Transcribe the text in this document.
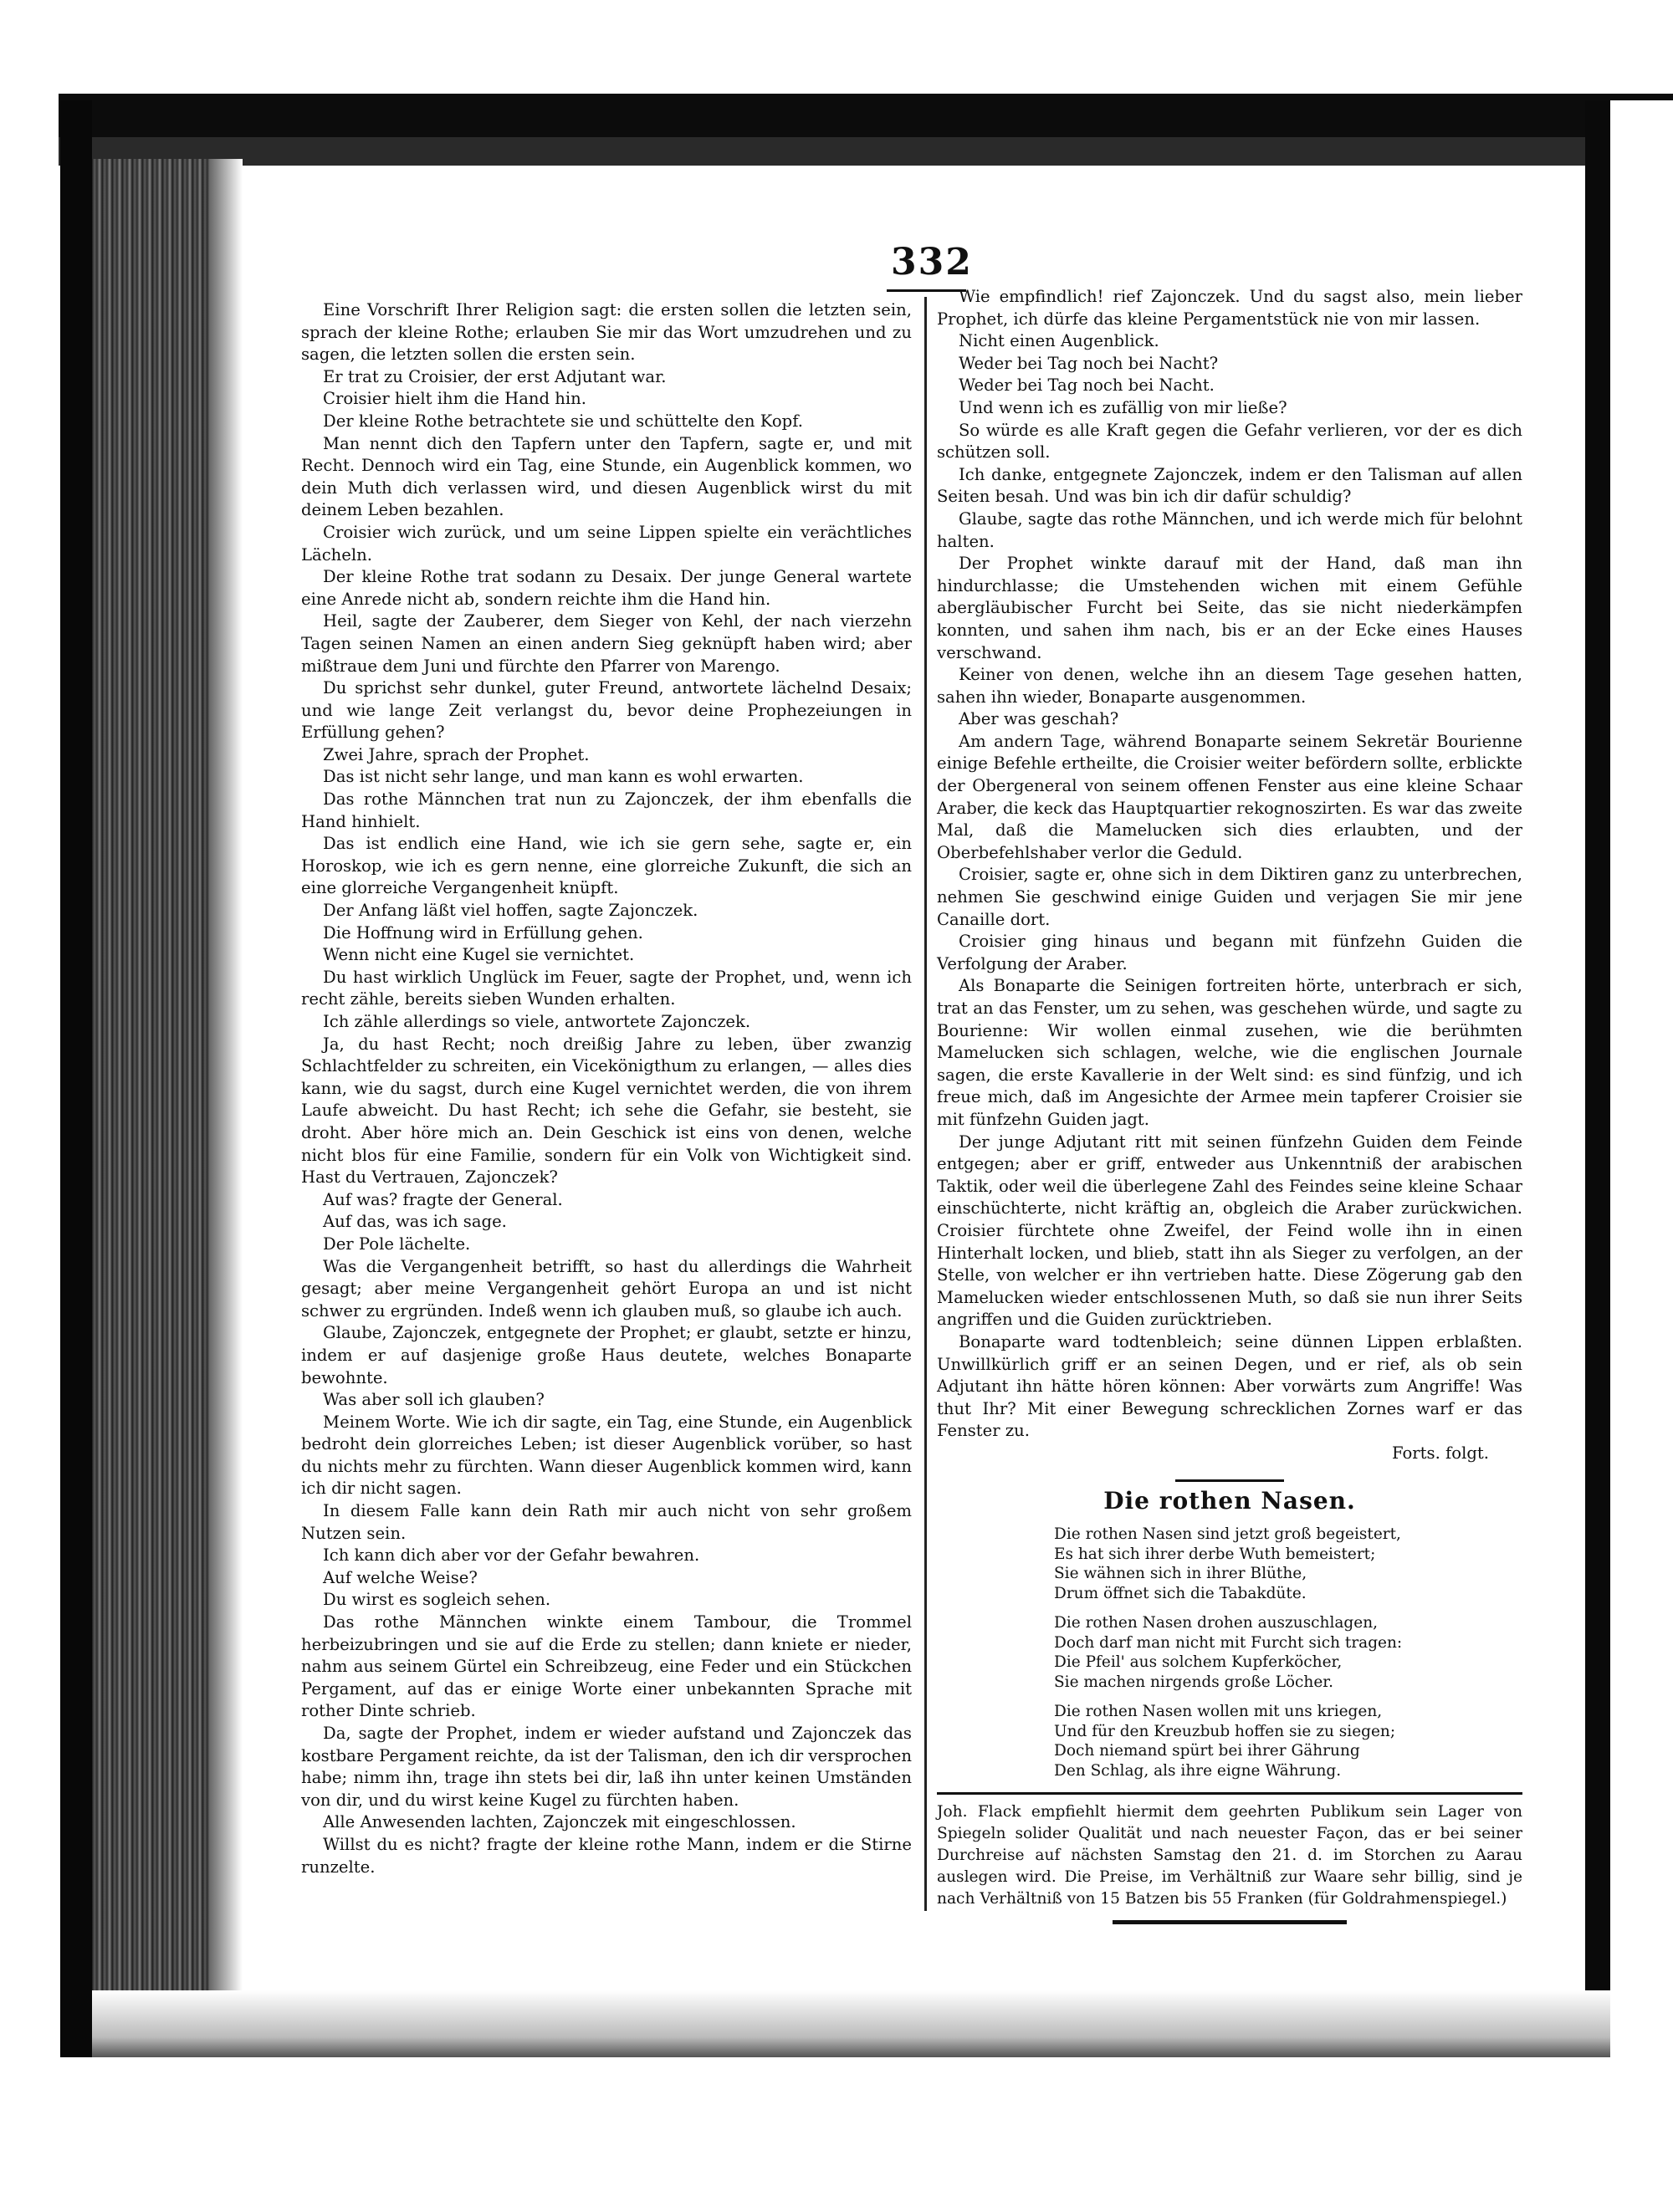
332

Eine Vorschrift Ihrer Religion sagt: die ersten sollen die letzten sein, sprach der kleine Rothe; erlauben Sie mir das Wort umzudrehen und zu sagen, die letzten sollen die ersten sein.

Er trat zu Croisier, der erst Adjutant war.

Croisier hielt ihm die Hand hin.

Der kleine Rothe betrachtete sie und schüttelte den Kopf.

Man nennt dich den Tapfern unter den Tapfern, sagte er, und mit Recht. Dennoch wird ein Tag, eine Stunde, ein Augenblick kommen, wo dein Muth dich verlassen wird, und diesen Augenblick wirst du mit deinem Leben bezahlen.

Croisier wich zurück, und um seine Lippen spielte ein verächtliches Lächeln.

Der kleine Rothe trat sodann zu Desaix. Der junge General wartete eine Anrede nicht ab, sondern reichte ihm die Hand hin.

Heil, sagte der Zauberer, dem Sieger von Kehl, der nach vierzehn Tagen seinen Namen an einen andern Sieg geknüpft haben wird; aber mißtraue dem Juni und fürchte den Pfarrer von Marengo.

Du sprichst sehr dunkel, guter Freund, antwortete lächelnd Desaix; und wie lange Zeit verlangst du, bevor deine Prophezeiungen in Erfüllung gehen?

Zwei Jahre, sprach der Prophet.

Das ist nicht sehr lange, und man kann es wohl erwarten.

Das rothe Männchen trat nun zu Zajonczek, der ihm ebenfalls die Hand hinhielt.

Das ist endlich eine Hand, wie ich sie gern sehe, sagte er, ein Horoskop, wie ich es gern nenne, eine glorreiche Zukunft, die sich an eine glorreiche Vergangenheit knüpft.

Der Anfang läßt viel hoffen, sagte Zajonczek.

Die Hoffnung wird in Erfüllung gehen.

Wenn nicht eine Kugel sie vernichtet.

Du hast wirklich Unglück im Feuer, sagte der Prophet, und, wenn ich recht zähle, bereits sieben Wunden erhalten.

Ich zähle allerdings so viele, antwortete Zajonczek.

Ja, du hast Recht; noch dreißig Jahre zu leben, über zwanzig Schlachtfelder zu schreiten, ein Vicekönigthum zu erlangen, — alles dies kann, wie du sagst, durch eine Kugel vernichtet werden, die von ihrem Laufe abweicht. Du hast Recht; ich sehe die Gefahr, sie besteht, sie droht. Aber höre mich an. Dein Geschick ist eins von denen, welche nicht blos für eine Familie, sondern für ein Volk von Wichtigkeit sind. Hast du Vertrauen, Zajonczek?

Auf was? fragte der General.

Auf das, was ich sage.

Der Pole lächelte.

Was die Vergangenheit betrifft, so hast du allerdings die Wahrheit gesagt; aber meine Vergangenheit gehört Europa an und ist nicht schwer zu ergründen. Indeß wenn ich glauben muß, so glaube ich auch.

Glaube, Zajonczek, entgegnete der Prophet; er glaubt, setzte er hinzu, indem er auf dasjenige große Haus deutete, welches Bonaparte bewohnte.

Was aber soll ich glauben?

Meinem Worte. Wie ich dir sagte, ein Tag, eine Stunde, ein Augenblick bedroht dein glorreiches Leben; ist dieser Augenblick vorüber, so hast du nichts mehr zu fürchten. Wann dieser Augenblick kommen wird, kann ich dir nicht sagen.

In diesem Falle kann dein Rath mir auch nicht von sehr großem Nutzen sein.

Ich kann dich aber vor der Gefahr bewahren.

Auf welche Weise?

Du wirst es sogleich sehen.

Das rothe Männchen winkte einem Tambour, die Trommel herbeizubringen und sie auf die Erde zu stellen; dann kniete er nieder, nahm aus seinem Gürtel ein Schreibzeug, eine Feder und ein Stückchen Pergament, auf das er einige Worte einer unbekannten Sprache mit rother Dinte schrieb.

Da, sagte der Prophet, indem er wieder aufstand und Zajonczek das kostbare Pergament reichte, da ist der Talisman, den ich dir versprochen habe; nimm ihn, trage ihn stets bei dir, laß ihn unter keinen Umständen von dir, und du wirst keine Kugel zu fürchten haben.

Alle Anwesenden lachten, Zajonczek mit eingeschlossen.

Willst du es nicht? fragte der kleine rothe Mann, indem er die Stirne runzelte.

Wie empfindlich! rief Zajonczek. Und du sagst also, mein lieber Prophet, ich dürfe das kleine Pergamentstück nie von mir lassen.

Nicht einen Augenblick.

Weder bei Tag noch bei Nacht?

Weder bei Tag noch bei Nacht.

Und wenn ich es zufällig von mir ließe?

So würde es alle Kraft gegen die Gefahr verlieren, vor der es dich schützen soll.

Ich danke, entgegnete Zajonczek, indem er den Talisman auf allen Seiten besah. Und was bin ich dir dafür schuldig?

Glaube, sagte das rothe Männchen, und ich werde mich für belohnt halten.

Der Prophet winkte darauf mit der Hand, daß man ihn hindurchlasse; die Umstehenden wichen mit einem Gefühle abergläubischer Furcht bei Seite, das sie nicht niederkämpfen konnten, und sahen ihm nach, bis er an der Ecke eines Hauses verschwand.

Keiner von denen, welche ihn an diesem Tage gesehen hatten, sahen ihn wieder, Bonaparte ausgenommen.

Aber was geschah?

Am andern Tage, während Bonaparte seinem Sekretär Bourienne einige Befehle ertheilte, die Croisier weiter befördern sollte, erblickte der Obergeneral von seinem offenen Fenster aus eine kleine Schaar Araber, die keck das Hauptquartier rekognoszirten. Es war das zweite Mal, daß die Mamelucken sich dies erlaubten, und der Oberbefehlshaber verlor die Geduld.

Croisier, sagte er, ohne sich in dem Diktiren ganz zu unterbrechen, nehmen Sie geschwind einige Guiden und verjagen Sie mir jene Canaille dort.

Croisier ging hinaus und begann mit fünfzehn Guiden die Verfolgung der Araber.

Als Bonaparte die Seinigen fortreiten hörte, unterbrach er sich, trat an das Fenster, um zu sehen, was geschehen würde, und sagte zu Bourienne: Wir wollen einmal zusehen, wie die berühmten Mamelucken sich schlagen, welche, wie die englischen Journale sagen, die erste Kavallerie in der Welt sind: es sind fünfzig, und ich freue mich, daß im Angesichte der Armee mein tapferer Croisier sie mit fünfzehn Guiden jagt.

Der junge Adjutant ritt mit seinen fünfzehn Guiden dem Feinde entgegen; aber er griff, entweder aus Unkenntniß der arabischen Taktik, oder weil die überlegene Zahl des Feindes seine kleine Schaar einschüchterte, nicht kräftig an, obgleich die Araber zurückwichen. Croisier fürchtete ohne Zweifel, der Feind wolle ihn in einen Hinterhalt locken, und blieb, statt ihn als Sieger zu verfolgen, an der Stelle, von welcher er ihn vertrieben hatte. Diese Zögerung gab den Mamelucken wieder entschlossenen Muth, so daß sie nun ihrer Seits angriffen und die Guiden zurücktrieben.

Bonaparte ward todtenbleich; seine dünnen Lippen erblaßten. Unwillkürlich griff er an seinen Degen, und er rief, als ob sein Adjutant ihn hätte hören können: Aber vorwärts zum Angriffe! Was thut Ihr? Mit einer Bewegung schrecklichen Zornes warf er das Fenster zu.

Forts. folgt.

Die rothen Nasen.
Die rothen Nasen sind jetzt groß begeistert,
Es hat sich ihrer derbe Wuth bemeistert;
Sie wähnen sich in ihrer Blüthe,
Drum öffnet sich die Tabakdüte.
Die rothen Nasen drohen auszuschlagen,
Doch darf man nicht mit Furcht sich tragen:
Die Pfeil' aus solchem Kupferköcher,
Sie machen nirgends große Löcher.
Die rothen Nasen wollen mit uns kriegen,
Und für den Kreuzbub hoffen sie zu siegen;
Doch niemand spürt bei ihrer Gährung
Den Schlag, als ihre eigne Währung.
Joh. Flack empfiehlt hiermit dem geehrten Publikum sein Lager von Spiegeln solider Qualität und nach neuester Façon, das er bei seiner Durchreise auf nächsten Samstag den 21. d. im Storchen zu Aarau auslegen wird. Die Preise, im Verhältniß zur Waare sehr billig, sind je nach Verhältniß von 15 Batzen bis 55 Franken (für Goldrahmenspiegel.)
